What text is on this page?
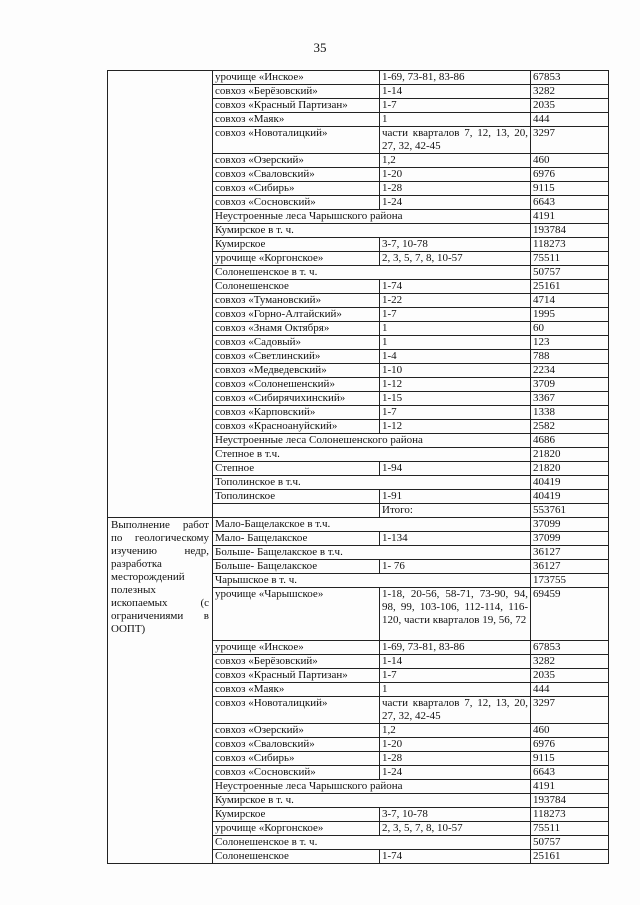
35
	урочище «Инское»	1-69, 73-81, 83-86	67853
	совхоз «Берёзовский»	1-14	3282
	совхоз «Красный Партизан»	1-7	2035
	совхоз «Маяк»	1	444
	совхоз «Новоталицкий»	части кварталов 7, 12, 13, 20, 27, 32, 42-45	3297
	совхоз «Озерский»	1,2	460
	совхоз «Сваловский»	1-20	6976
	совхоз «Сибирь»	1-28	9115
	совхоз «Сосновский»	1-24	6643
	Неустроенные леса Чарышского района		4191
	Кумирское в т. ч.		193784
	Кумирское	3-7, 10-78	118273
	урочище «Коргонское»	2, 3, 5, 7, 8, 10-57	75511
	Солонешенское в т. ч.		50757
	Солонешенское	1-74	25161
	совхоз «Тумановский»	1-22	4714
	совхоз «Горно-Алтайский»	1-7	1995
	совхоз «Знамя Октября»	1	60
	совхоз «Садовый»	1	123
	совхоз «Светлинский»	1-4	788
	совхоз «Медведевский»	1-10	2234
	совхоз «Солонешенский»	1-12	3709
	совхоз «Сибирячихинский»	1-15	3367
	совхоз «Карповский»	1-7	1338
	совхоз «Красноануйский»	1-12	2582
	Неустроенные леса Солонешенского района		4686
	Степное в т.ч.		21820
	Степное	1-94	21820
	Тополинское в т.ч.		40419
	Тополинское	1-91	40419
		Итого:	553761
Выполнение работ по геологическому изучению недр, разработка месторождений полезных ископаемых (с ограничениями в ООПТ)	Мало-Бащелакское в т.ч.		37099
	Мало- Бащелакское	1-134	37099
	Больше- Бащелакское в т.ч.		36127
	Больше- Бащелакское	1- 76	36127
	Чарышское в т. ч.		173755
	урочище «Чарышское»	1-18, 20-56, 58-71, 73-90, 94, 98, 99, 103-106, 112-114, 116-120, части кварталов 19, 56, 72	69459
	урочище «Инское»	1-69, 73-81, 83-86	67853
	совхоз «Берёзовский»	1-14	3282
	совхоз «Красный Партизан»	1-7	2035
	совхоз «Маяк»	1	444
	совхоз «Новоталицкий»	части кварталов 7, 12, 13, 20, 27, 32, 42-45	3297
	совхоз «Озерский»	1,2	460
	совхоз «Сваловский»	1-20	6976
	совхоз «Сибирь»	1-28	9115
	совхоз «Сосновский»	1-24	6643
	Неустроенные леса Чарышского района		4191
	Кумирское в т. ч.		193784
	Кумирское	3-7, 10-78	118273
	урочище «Коргонское»	2, 3, 5, 7, 8, 10-57	75511
	Солонешенское в т. ч.		50757
	Солонешенское	1-74	25161
